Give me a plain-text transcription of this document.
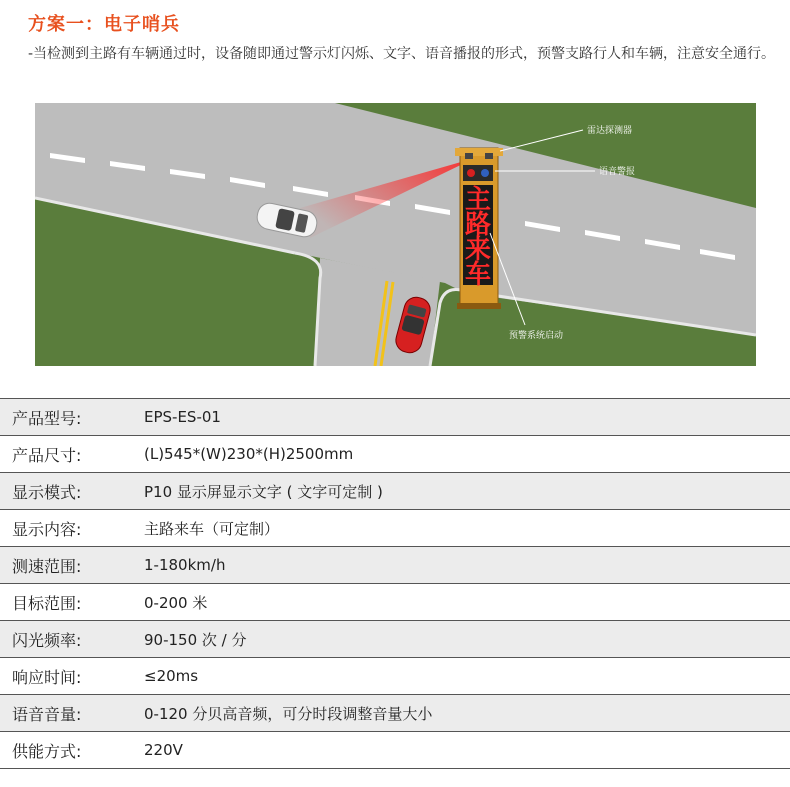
方案一：电子哨兵
-当检测到主路有车辆通过时，设备随即通过警示灯闪烁、文字、语音播报的形式，预警支路行人和车辆，注意安全通行。
主
路
来
车
雷达探测器
语音警报
预警系统启动
产品型号:	EPS-ES-01
产品尺寸:	(L)545*(W)230*(H)2500mm
显示模式:	P10 显示屏显示文字 ( 文字可定制 )
显示内容:	主路来车（可定制）
测速范围:	1-180km/h
目标范围:	0-200 米
闪光频率:	90-150 次 / 分
响应时间:	≤20ms
语音音量:	0-120 分贝高音频，可分时段调整音量大小
供能方式:	220V
